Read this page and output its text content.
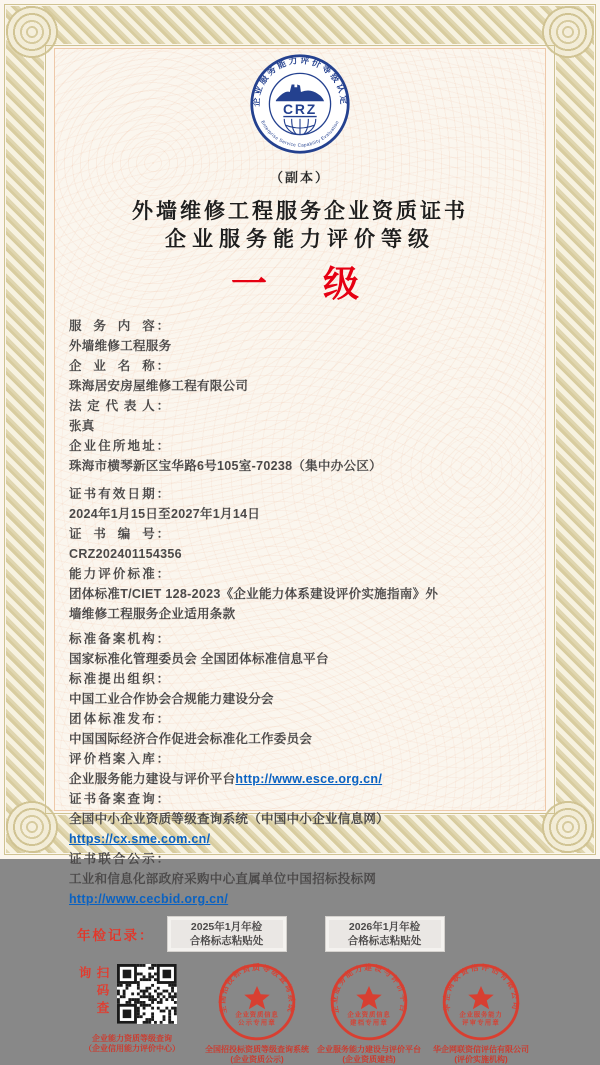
企业服务能力评价等级认定
Enterprise Service Capability Evaluation
CRZ
（副本）
外墙维修工程服务企业资质证书
企业服务能力评价等级
一　级
服务内容 ：外墙维修工程服务
企业名称 ：珠海居安房屋维修工程有限公司
法定代表人 ：张真
企业住所地址 ：珠海市横琴新区宝华路6号105室-70238（集中办公区）
证书有效日期 ：2024年1月15日至2027年1月14日
证书编号 ：CRZ202401154356
能力评价标准 ：团体标准T/CIET 128-2023《企业能力体系建设评价实施指南》外墙维修工程服务企业适用条款
标准备案机构 ：国家标准化管理委员会 全国团体标准信息平台
标准提出组织 ：中国工业合作协会合规能力建设分会
团体标准发布 ：中国国际经济合作促进会标准化工作委员会
评价档案入库 ：企业服务能力建设与评价平台http://www.esce.org.cn/
证书备案查询 ：
全国中小企业资质等级查询系统（中国中小企业信息网）
https://cx.sme.com.cn/
证书联合公示 ：
工业和信息化部政府采购中心直属单位中国招标投标网
http://www.cecbid.org.cn/
年检记录：
2025年1月年检
合格标志粘贴处
2026年1月年检
合格标志粘贴处
扫码查询
企业能力资质等级查询
（企业信用能力评价中心）
全国招投标资质等级查询系统
企业资质信息
公示专用章
全国招投标资质等级查询系统
(企业资质公示)
企业服务能力建设与评价平台
企业资质信息
建档专用章
企业服务能力建设与评价平台
(企业资质建档)
华企网联资信评估有限公司
企业服务能力
评审专用章
华企网联资信评估有限公司
(评价实施机构)
